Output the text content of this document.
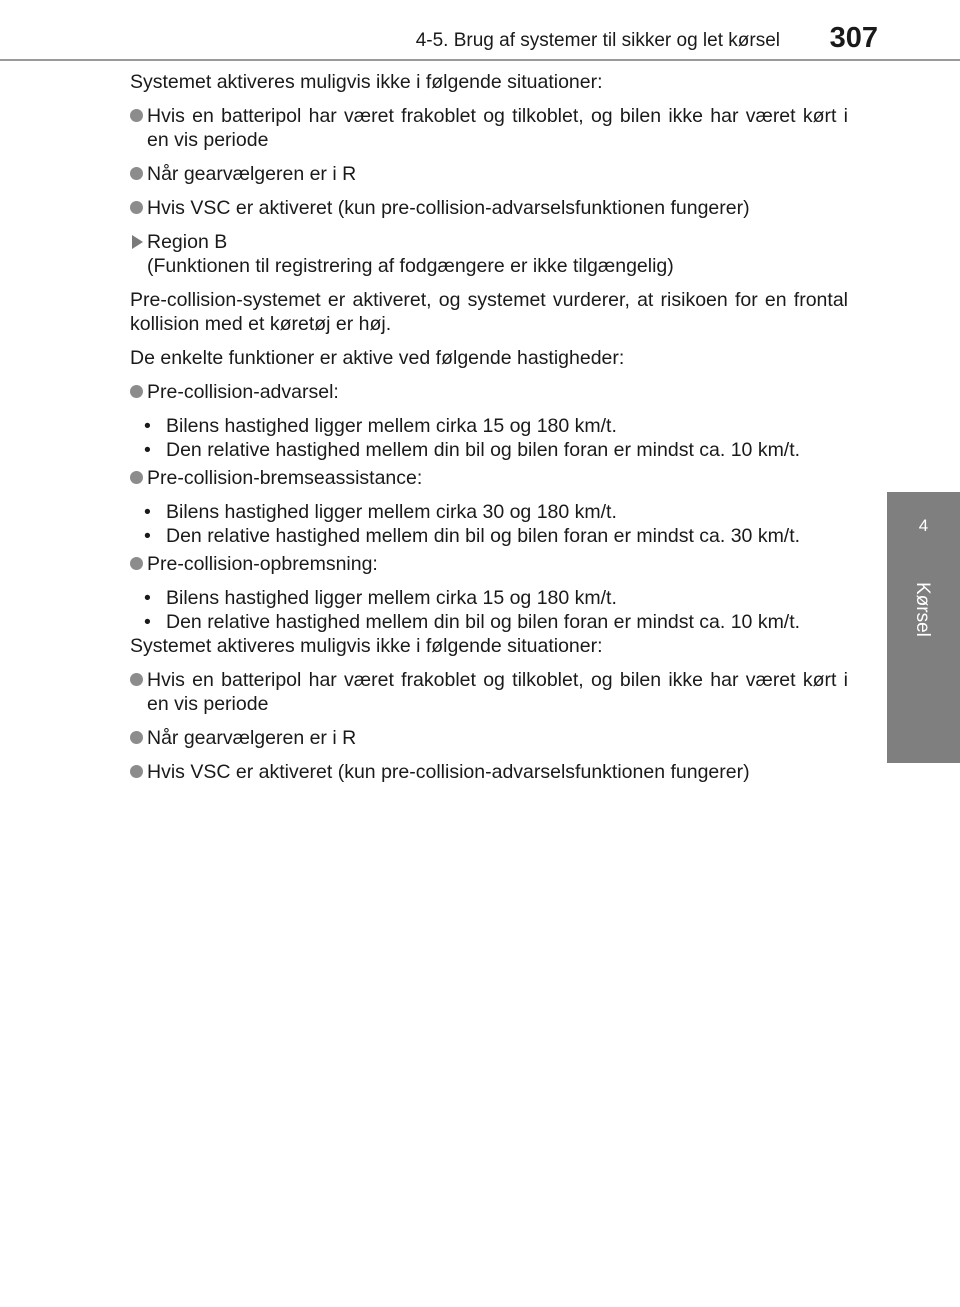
4-5. Brug af systemer til sikker og let kørsel 307
4
Kørsel

Systemet aktiveres muligvis ikke i følgende situationer:

Hvis en batteripol har været frakoblet og tilkoblet, og bilen ikke har været kørt i en vis periode
Når gearvælgeren er i R
Hvis VSC er aktiveret (kun pre-collision-advarselsfunktionen fungerer)
Region B
(Funktionen til registrering af fodgængere er ikke tilgængelig)

Pre-collision-systemet er aktiveret, og systemet vurderer, at risikoen for en frontal kollision med et køretøj er høj.

De enkelte funktioner er aktive ved følgende hastigheder:

Pre-collision-advarsel:
• Bilens hastighed ligger mellem cirka 15 og 180 km/t.
• Den relative hastighed mellem din bil og bilen foran er mindst ca. 10 km/t.
Pre-collision-bremseassistance:
• Bilens hastighed ligger mellem cirka 30 og 180 km/t.
• Den relative hastighed mellem din bil og bilen foran er mindst ca. 30 km/t.
Pre-collision-opbremsning:
• Bilens hastighed ligger mellem cirka 15 og 180 km/t.
• Den relative hastighed mellem din bil og bilen foran er mindst ca. 10 km/t.

Systemet aktiveres muligvis ikke i følgende situationer:

Hvis en batteripol har været frakoblet og tilkoblet, og bilen ikke har været kørt i en vis periode
Når gearvælgeren er i R
Hvis VSC er aktiveret (kun pre-collision-advarselsfunktionen fungerer)
